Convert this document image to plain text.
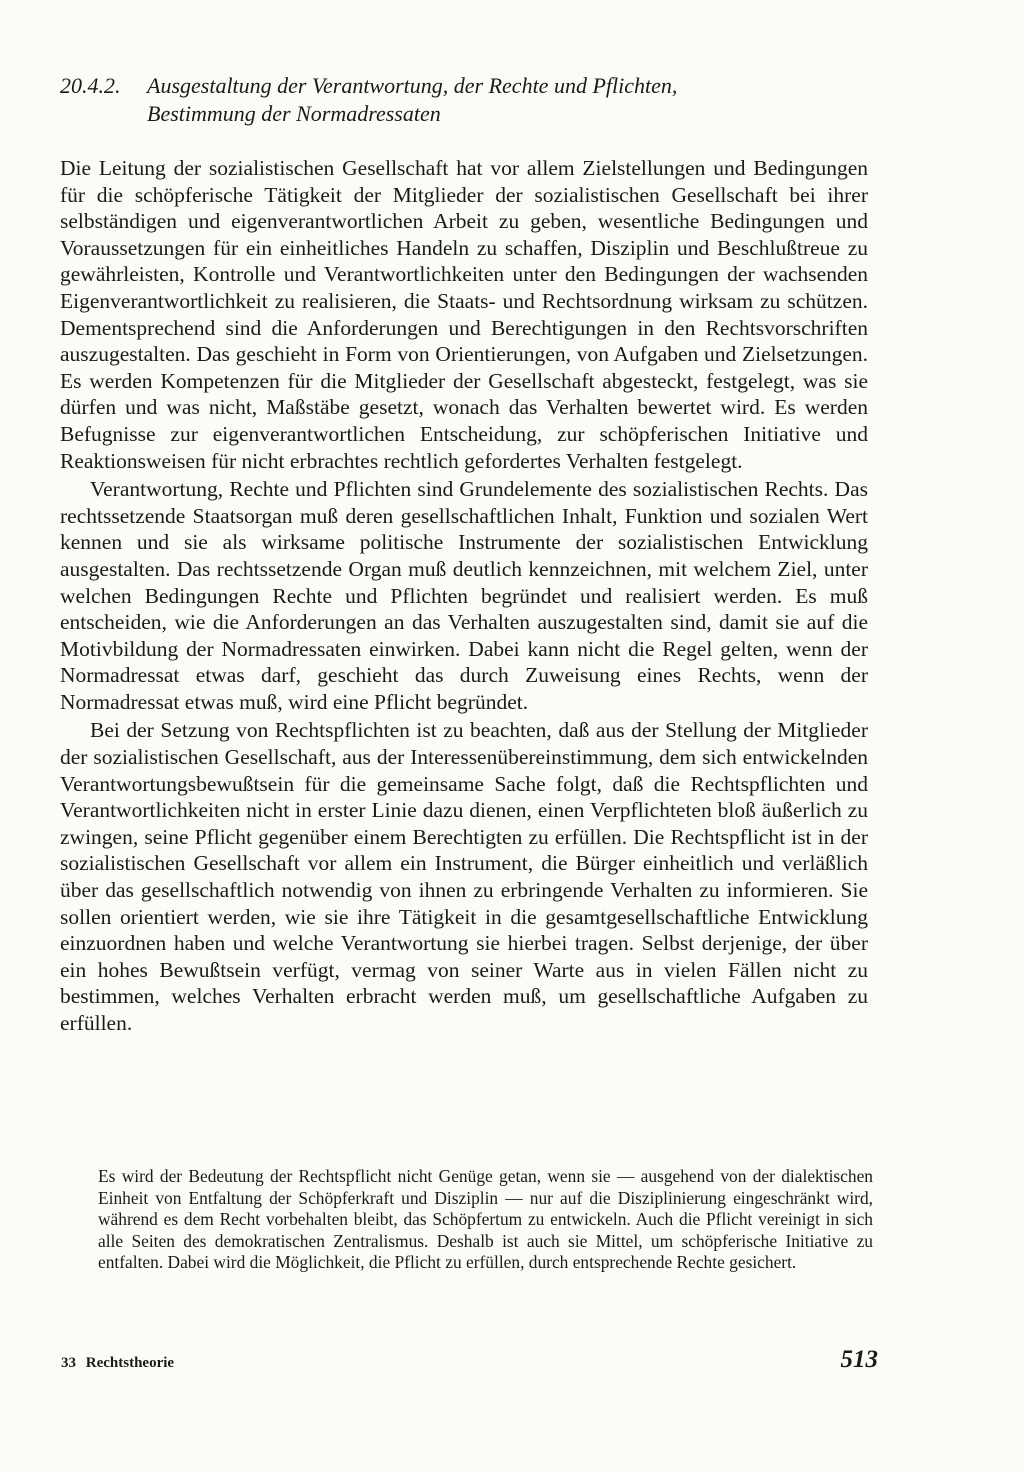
20.4.2.	Ausgestaltung der Verantwortung, der Rechte und Pflichten,
Bestimmung der Normadressaten

Die Leitung der sozialistischen Gesellschaft hat vor allem Zielstellungen und Bedingungen für die schöpferische Tätigkeit der Mitglieder der sozialistischen Gesellschaft bei ihrer selbständigen und eigenverantwortlichen Arbeit zu geben, wesentliche Bedingungen und Voraussetzungen für ein einheitliches Handeln zu schaffen, Disziplin und Beschlußtreue zu gewährleisten, Kontrolle und Verantwortlichkeiten unter den Bedingungen der wachsenden Eigenverantwortlichkeit zu realisieren, die Staats- und Rechtsordnung wirksam zu schützen. Dementsprechend sind die Anforderungen und Berechtigungen in den Rechtsvorschriften auszugestalten. Das geschieht in Form von Orientierungen, von Aufgaben und Zielsetzungen. Es werden Kompetenzen für die Mitglieder der Gesellschaft abgesteckt, festgelegt, was sie dürfen und was nicht, Maßstäbe gesetzt, wonach das Verhalten bewertet wird. Es werden Befugnisse zur eigenverantwortlichen Entscheidung, zur schöpferischen Initiative und Reaktionsweisen für nicht erbrachtes rechtlich gefordertes Verhalten festgelegt.

Verantwortung, Rechte und Pflichten sind Grundelemente des sozialistischen Rechts. Das rechtssetzende Staatsorgan muß deren gesellschaftlichen Inhalt, Funktion und sozialen Wert kennen und sie als wirksame politische Instrumente der sozialistischen Entwicklung ausgestalten. Das rechtssetzende Organ muß deutlich kennzeichnen, mit welchem Ziel, unter welchen Bedingungen Rechte und Pflichten begründet und realisiert werden. Es muß entscheiden, wie die Anforderungen an das Verhalten auszugestalten sind, damit sie auf die Motivbildung der Normadressaten einwirken. Dabei kann nicht die Regel gelten, wenn der Normadressat etwas darf, geschieht das durch Zuweisung eines Rechts, wenn der Normadressat etwas muß, wird eine Pflicht begründet.

Bei der Setzung von Rechtspflichten ist zu beachten, daß aus der Stellung der Mitglieder der sozialistischen Gesellschaft, aus der Interessenübereinstimmung, dem sich entwickelnden Verantwortungsbewußtsein für die gemeinsame Sache folgt, daß die Rechtspflichten und Verantwortlichkeiten nicht in erster Linie dazu dienen, einen Verpflichteten bloß äußerlich zu zwingen, seine Pflicht gegenüber einem Berechtigten zu erfüllen. Die Rechtspflicht ist in der sozialistischen Gesellschaft vor allem ein Instrument, die Bürger einheitlich und verläßlich über das gesellschaftlich notwendig von ihnen zu erbringende Verhalten zu informieren. Sie sollen orientiert werden, wie sie ihre Tätigkeit in die gesamtgesellschaftliche Entwicklung einzuordnen haben und welche Verantwortung sie hierbei tragen. Selbst derjenige, der über ein hohes Bewußtsein verfügt, vermag von seiner Warte aus in vielen Fällen nicht zu bestimmen, welches Verhalten erbracht werden muß, um gesellschaftliche Aufgaben zu erfüllen.

Es wird der Bedeutung der Rechtspflicht nicht Genüge getan, wenn sie — ausgehend von der dialektischen Einheit von Entfaltung der Schöpferkraft und Disziplin — nur auf die Disziplinierung eingeschränkt wird, während es dem Recht vorbehalten bleibt, das Schöpfertum zu entwickeln. Auch die Pflicht vereinigt in sich alle Seiten des demokratischen Zentralismus. Deshalb ist auch sie Mittel, um schöpferische Initiative zu entfalten. Dabei wird die Möglichkeit, die Pflicht zu erfüllen, durch entsprechende Rechte gesichert.

33 Rechtstheorie	513
